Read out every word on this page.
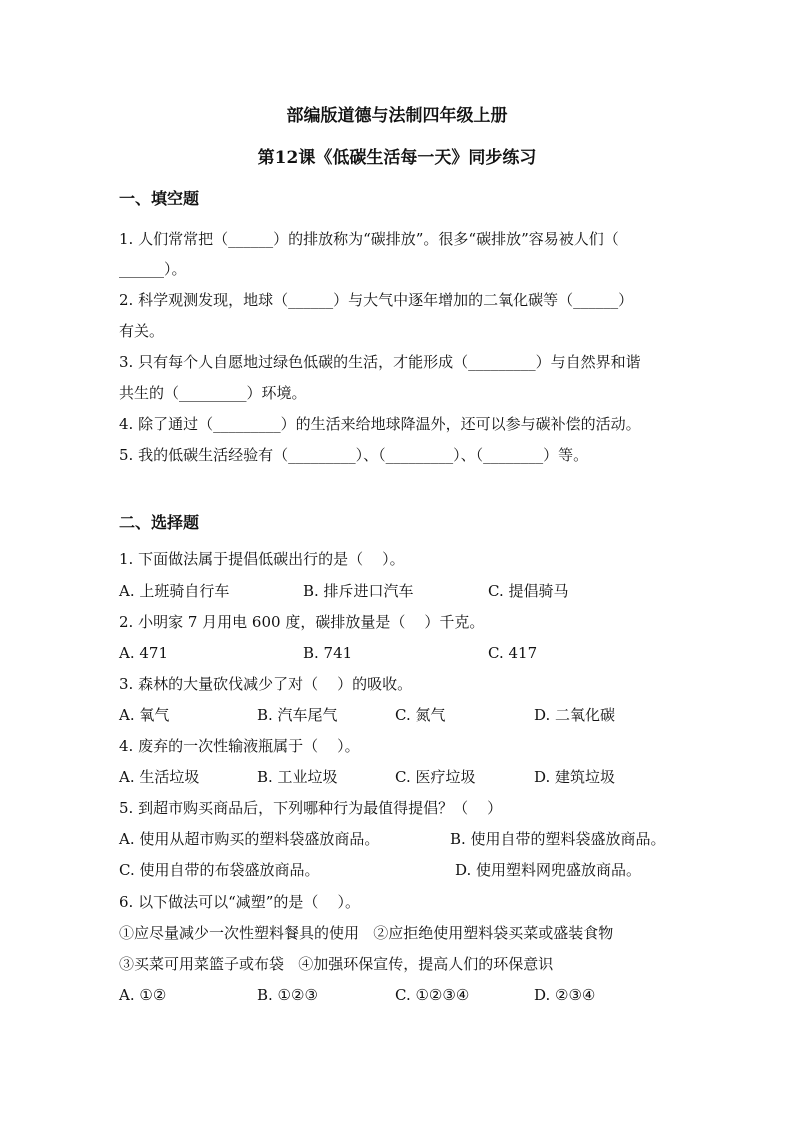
部编版道德与法制四年级上册
第12课《低碳生活每一天》同步练习
一、填空题
1. 人们常常把（______）的排放称为“碳排放”。很多“碳排放”容易被人们（
______）。
2. 科学观测发现，地球（______）与大气中逐年增加的二氧化碳等（______）
有关。
3. 只有每个人自愿地过绿色低碳的生活，才能形成（_________）与自然界和谐
共生的（_________）环境。
4. 除了通过（_________）的生活来给地球降温外，还可以参与碳补偿的活动。
5. 我的低碳生活经验有（_________）、（_________）、（________）等。
二、选择题
1. 下面做法属于提倡低碳出行的是（    ）。
A. 上班骑自行车	B. 排斥进口汽车	C. 提倡骑马
2. 小明家 7 月用电 600 度，碳排放量是（    ）千克。
A. 471	B. 741	C. 417
3. 森林的大量砍伐减少了对（    ）的吸收。
A. 氧气	B. 汽车尾气	C. 氮气	D. 二氧化碳
4. 废弃的一次性输液瓶属于（    ）。
A. 生活垃圾	B. 工业垃圾	C. 医疗垃圾	D. 建筑垃圾
5. 到超市购买商品后，下列哪种行为最值得提倡？（    ）
A. 使用从超市购买的塑料袋盛放商品。	B. 使用自带的塑料袋盛放商品。
C. 使用自带的布袋盛放商品。	D. 使用塑料网兜盛放商品。
6. 以下做法可以“减塑”的是（    ）。
①应尽量减少一次性塑料餐具的使用   ②应拒绝使用塑料袋买菜或盛装食物
③买菜可用菜篮子或布袋   ④加强环保宣传，提高人们的环保意识
A. ①②	B. ①②③	C. ①②③④	D. ②③④
